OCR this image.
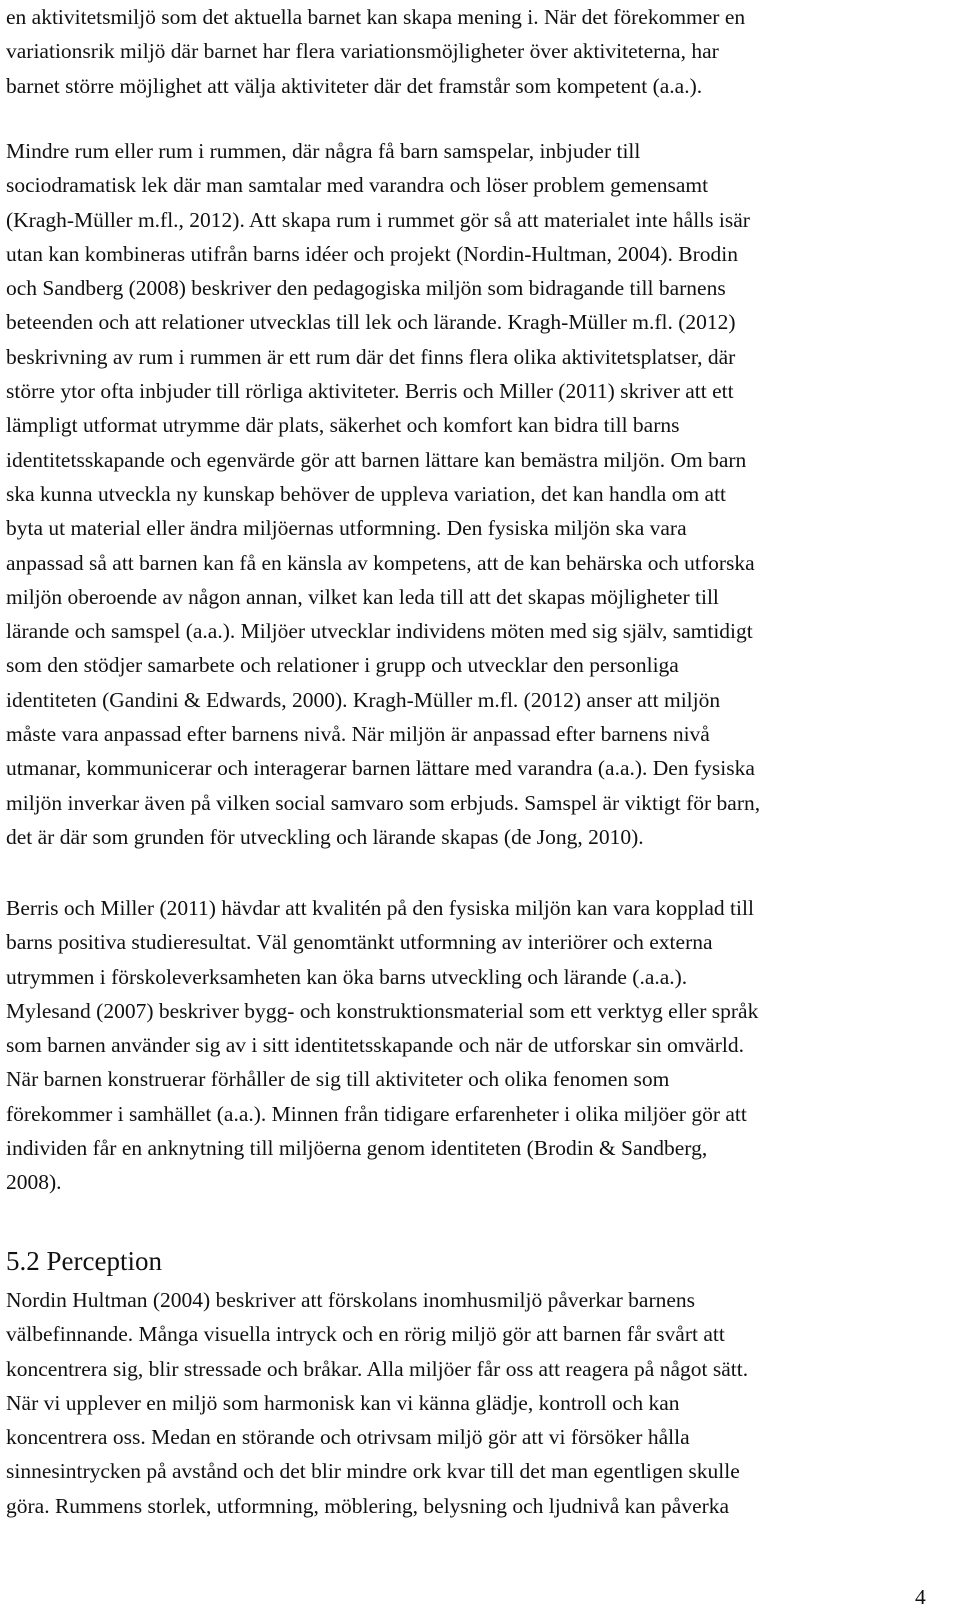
en aktivitetsmiljö som det aktuella barnet kan skapa mening i. När det förekommer en
variationsrik miljö där barnet har flera variationsmöjligheter över aktiviteterna, har
barnet större möjlighet att välja aktiviteter där det framstår som kompetent (a.a.).
Mindre rum eller rum i rummen, där några få barn samspelar, inbjuder till
sociodramatisk lek där man samtalar med varandra och löser problem gemensamt
(Kragh-Müller m.fl., 2012). Att skapa rum i rummet gör så att materialet inte hålls isär
utan kan kombineras utifrån barns idéer och projekt (Nordin-Hultman, 2004). Brodin
och Sandberg (2008) beskriver den pedagogiska miljön som bidragande till barnens
beteenden och att relationer utvecklas till lek och lärande. Kragh-Müller m.fl. (2012)
beskrivning av rum i rummen är ett rum där det finns flera olika aktivitetsplatser, där
större ytor ofta inbjuder till rörliga aktiviteter. Berris och Miller (2011) skriver att ett
lämpligt utformat utrymme där plats, säkerhet och komfort kan bidra till barns
identitetsskapande och egenvärde gör att barnen lättare kan bemästra miljön. Om barn
ska kunna utveckla ny kunskap behöver de uppleva variation, det kan handla om att
byta ut material eller ändra miljöernas utformning. Den fysiska miljön ska vara
anpassad så att barnen kan få en känsla av kompetens, att de kan behärska och utforska
miljön oberoende av någon annan, vilket kan leda till att det skapas möjligheter till
lärande och samspel (a.a.). Miljöer utvecklar individens möten med sig själv, samtidigt
som den stödjer samarbete och relationer i grupp och utvecklar den personliga
identiteten (Gandini & Edwards, 2000). Kragh-Müller m.fl. (2012) anser att miljön
måste vara anpassad efter barnens nivå. När miljön är anpassad efter barnens nivå
utmanar, kommunicerar och interagerar barnen lättare med varandra (a.a.). Den fysiska
miljön inverkar även på vilken social samvaro som erbjuds. Samspel är viktigt för barn,
det är där som grunden för utveckling och lärande skapas (de Jong, 2010).
Berris och Miller (2011) hävdar att kvalitén på den fysiska miljön kan vara kopplad till
barns positiva studieresultat. Väl genomtänkt utformning av interiörer och externa
utrymmen i förskoleverksamheten kan öka barns utveckling och lärande (.a.a.).
Mylesand (2007) beskriver bygg- och konstruktionsmaterial som ett verktyg eller språk
som barnen använder sig av i sitt identitetsskapande och när de utforskar sin omvärld.
När barnen konstruerar förhåller de sig till aktiviteter och olika fenomen som
förekommer i samhället (a.a.). Minnen från tidigare erfarenheter i olika miljöer gör att
individen får en anknytning till miljöerna genom identiteten (Brodin & Sandberg,
2008).
5.2 Perception
Nordin Hultman (2004) beskriver att förskolans inomhusmiljö påverkar barnens
välbefinnande. Många visuella intryck och en rörig miljö gör att barnen får svårt att
koncentrera sig, blir stressade och bråkar. Alla miljöer får oss att reagera på något sätt.
När vi upplever en miljö som harmonisk kan vi känna glädje, kontroll och kan
koncentrera oss. Medan en störande och otrivsam miljö gör att vi försöker hålla
sinnesintrycken på avstånd och det blir mindre ork kvar till det man egentligen skulle
göra. Rummens storlek, utformning, möblering, belysning och ljudnivå kan påverka
4
